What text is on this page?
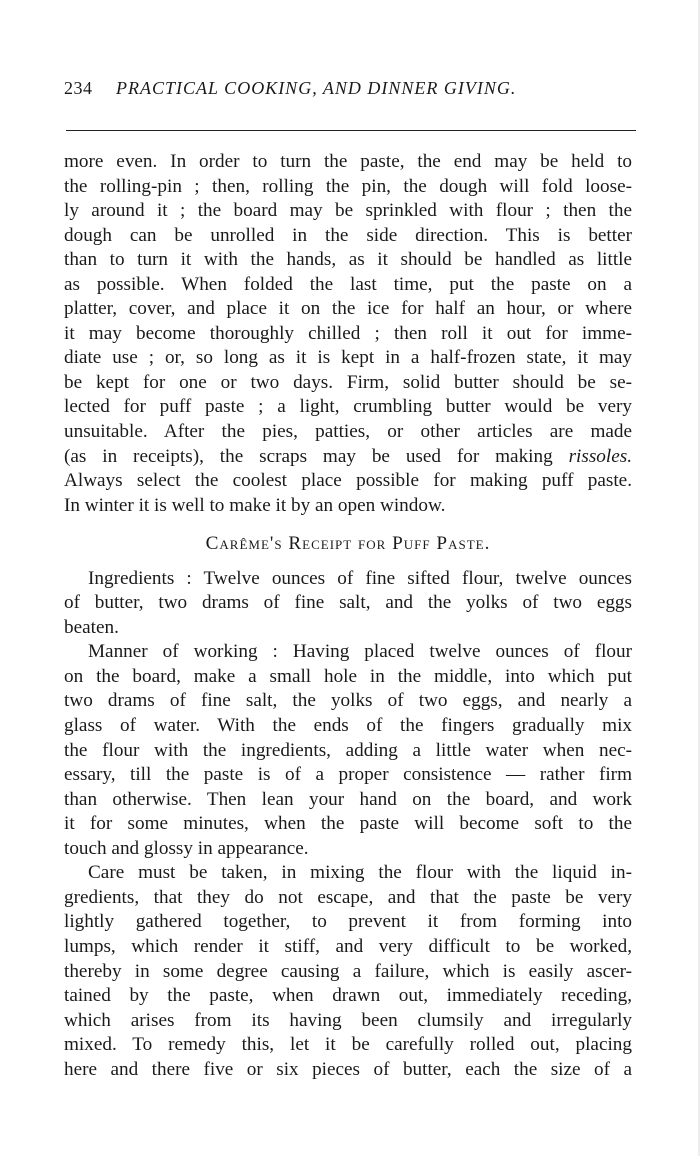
234 PRACTICAL COOKING, AND DINNER GIVING.
more even. In order to turn the paste, the end may be held to
the rolling-pin ; then, rolling the pin, the dough will fold loose-
ly around it ; the board may be sprinkled with flour ; then the
dough can be unrolled in the side direction. This is better
than to turn it with the hands, as it should be handled as little
as possible. When folded the last time, put the paste on a
platter, cover, and place it on the ice for half an hour, or where
it may become thoroughly chilled ; then roll it out for imme-
diate use ; or, so long as it is kept in a half-frozen state, it may
be kept for one or two days. Firm, solid butter should be se-
lected for puff paste ; a light, crumbling butter would be very
unsuitable. After the pies, patties, or other articles are made
(as in receipts), the scraps may be used for making rissoles.
Always select the coolest place possible for making puff paste.
In winter it is well to make it by an open window.
Carême's Receipt for Puff Paste.
Ingredients : Twelve ounces of fine sifted flour, twelve ounces
of butter, two drams of fine salt, and the yolks of two eggs
beaten.
Manner of working : Having placed twelve ounces of flour
on the board, make a small hole in the middle, into which put
two drams of fine salt, the yolks of two eggs, and nearly a
glass of water. With the ends of the fingers gradually mix
the flour with the ingredients, adding a little water when nec-
essary, till the paste is of a proper consistence — rather firm
than otherwise. Then lean your hand on the board, and work
it for some minutes, when the paste will become soft to the
touch and glossy in appearance.
Care must be taken, in mixing the flour with the liquid in-
gredients, that they do not escape, and that the paste be very
lightly gathered together, to prevent it from forming into
lumps, which render it stiff, and very difficult to be worked,
thereby in some degree causing a failure, which is easily ascer-
tained by the paste, when drawn out, immediately receding,
which arises from its having been clumsily and irregularly
mixed. To remedy this, let it be carefully rolled out, placing
here and there five or six pieces of butter, each the size of a
